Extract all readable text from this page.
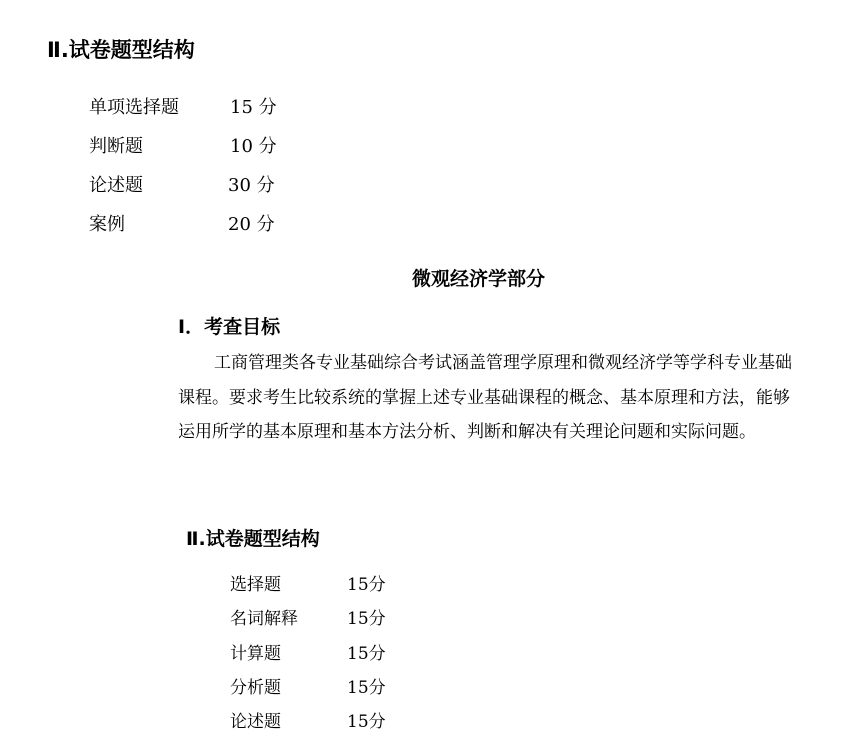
Ⅱ.试卷题型结构
单项选择题	15 分
判断题	10 分
论述题	30 分
案例	20 分
微观经济学部分
I．考查目标
工商管理类各专业基础综合考试涵盖管理学原理和微观经济学等学科专业基础课程。要求考生比较系统的掌握上述专业基础课程的概念、基本原理和方法，能够运用所学的基本原理和基本方法分析、判断和解决有关理论问题和实际问题。
Ⅱ.试卷题型结构
选择题	15分
名词解释	15分
计算题	15分
分析题	15分
论述题	15分
